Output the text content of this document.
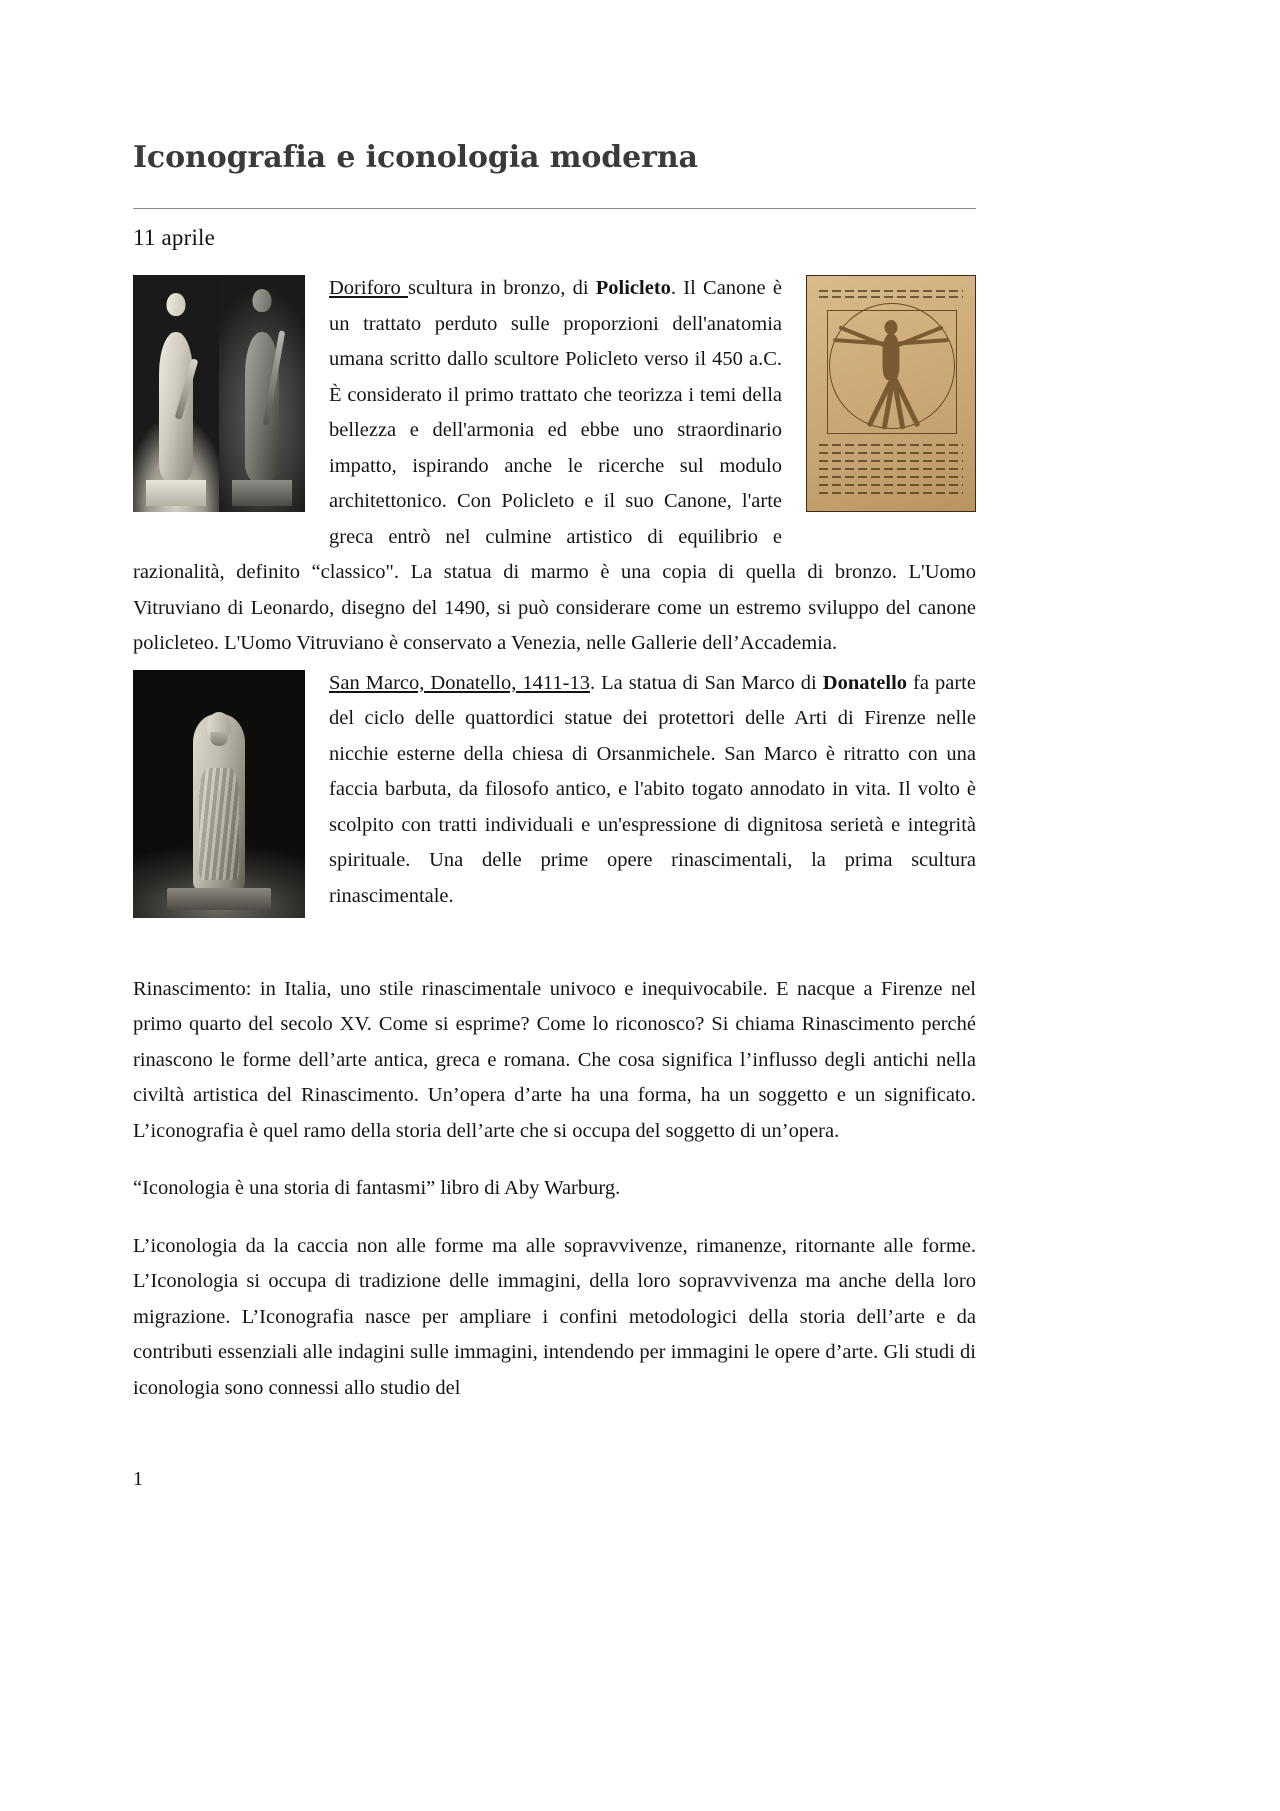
Iconografia e iconologia moderna
11 aprile

Doriforo scultura in bronzo, di Policleto. Il Canone è un trattato perduto sulle proporzioni dell'anatomia umana scritto dallo scultore Policleto verso il 450 a.C. È considerato il primo trattato che teorizza i temi della bellezza e dell'armonia ed ebbe uno straordinario impatto, ispirando anche le ricerche sul modulo architettonico. Con Policleto e il suo Canone, l'arte greca entrò nel culmine artistico di equilibrio e razionalità, definito “classico". La statua di marmo è una copia di quella di bronzo. L'Uomo Vitruviano di Leonardo, disegno del 1490, si può considerare come un estremo sviluppo del canone policleteo. L'Uomo Vitruviano è conservato a Venezia, nelle Gallerie dell’Accademia.

San Marco, Donatello, 1411-13. La statua di San Marco di Donatello fa parte del ciclo delle quattordici statue dei protettori delle Arti di Firenze nelle nicchie esterne della chiesa di Orsanmichele. San Marco è ritratto con una faccia barbuta, da filosofo antico, e l'abito togato annodato in vita. Il volto è scolpito con tratti individuali e un'espressione di dignitosa serietà e integrità spirituale. Una delle prime opere rinascimentali, la prima scultura rinascimentale.

Rinascimento: in Italia, uno stile rinascimentale univoco e inequivocabile. E nacque a Firenze nel primo quarto del secolo XV. Come si esprime? Come lo riconosco? Si chiama Rinascimento perché rinascono le forme dell’arte antica, greca e romana. Che cosa significa l’influsso degli antichi nella civiltà artistica del Rinascimento. Un’opera d’arte ha una forma, ha un soggetto e un significato. L’iconografia è quel ramo della storia dell’arte che si occupa del soggetto di un’opera.

“Iconologia è una storia di fantasmi” libro di Aby Warburg.

L’iconologia da la caccia non alle forme ma alle sopravvivenze, rimanenze, ritornante alle forme. L’Iconologia si occupa di tradizione delle immagini, della loro sopravvivenza ma anche della loro migrazione. L’Iconografia nasce per ampliare i confini metodologici della storia dell’arte e da contributi essenziali alle indagini sulle immagini, intendendo per immagini le opere d’arte. Gli studi di iconologia sono connessi allo studio del

1
